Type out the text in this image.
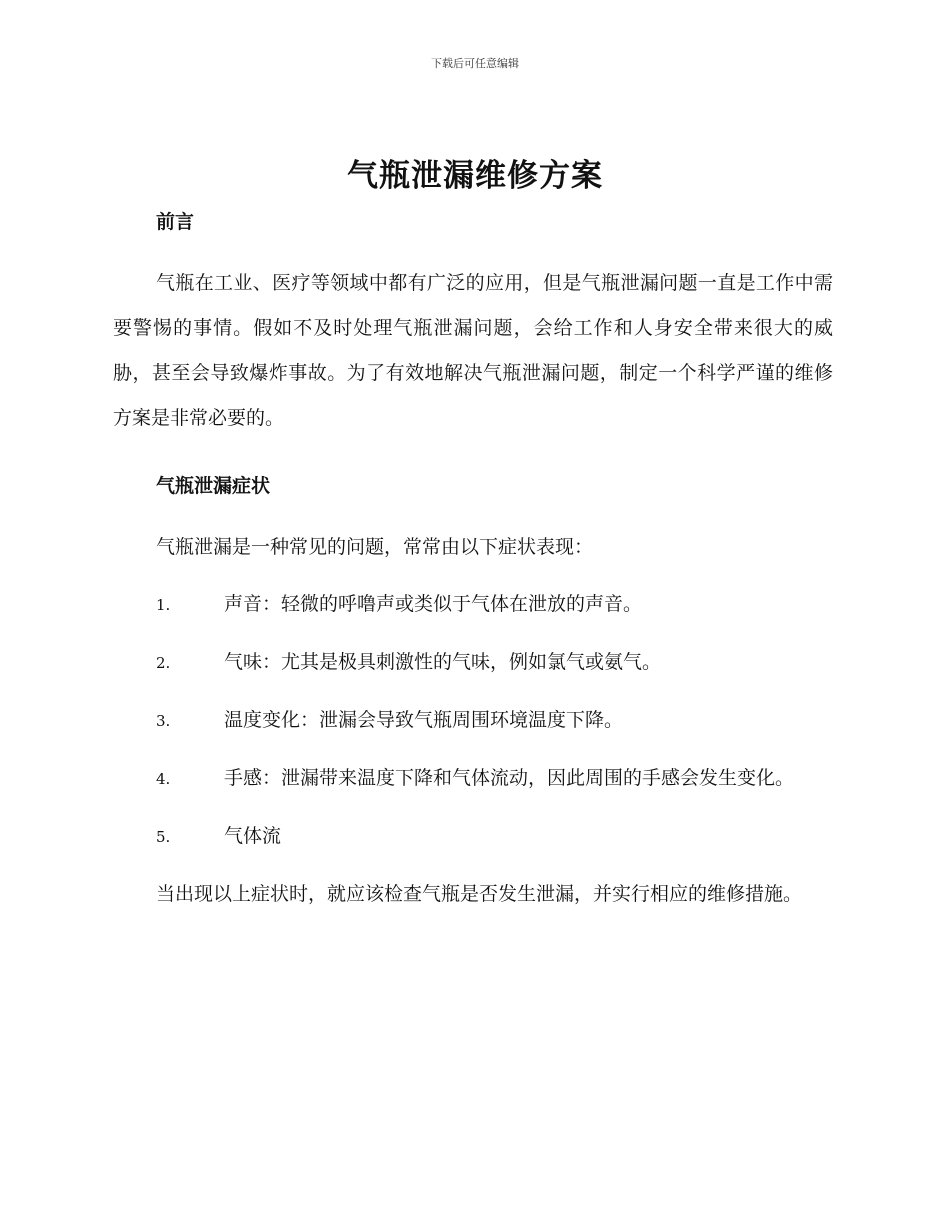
下载后可任意编辑
气瓶泄漏维修方案
前言

气瓶在工业、医疗等领域中都有广泛的应用，但是气瓶泄漏问题一直是工作中需要警惕的事情。假如不及时处理气瓶泄漏问题，会给工作和人身安全带来很大的威胁，甚至会导致爆炸事故。为了有效地解决气瓶泄漏问题，制定一个科学严谨的维修方案是非常必要的。

气瓶泄漏症状

气瓶泄漏是一种常见的问题，常常由以下症状表现：

1.	声音：轻微的呼噜声或类似于气体在泄放的声音。

2.	气味：尤其是极具刺激性的气味，例如氯气或氨气。

3.	温度变化：泄漏会导致气瓶周围环境温度下降。

4.	手感：泄漏带来温度下降和气体流动，因此周围的手感会发生变化。

5.	气体流

当出现以上症状时，就应该检查气瓶是否发生泄漏，并实行相应的维修措施。
